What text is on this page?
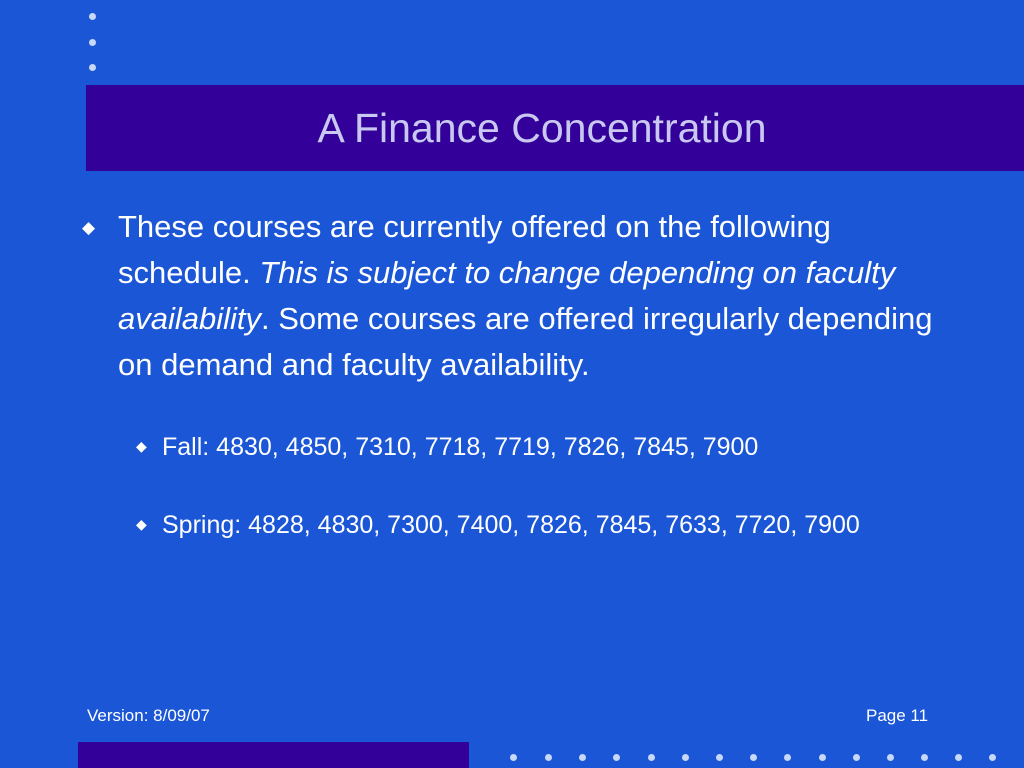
A Finance Concentration
◆ These courses are currently offered on the following schedule. This is subject to change depending on faculty availability. Some courses are offered irregularly depending on demand and faculty availability.

◆ Fall: 4830, 4850, 7310, 7718, 7719, 7826, 7845, 7900

◆ Spring: 4828, 4830, 7300, 7400, 7826, 7845, 7633, 7720, 7900

Version: 8/09/07	Page 11
